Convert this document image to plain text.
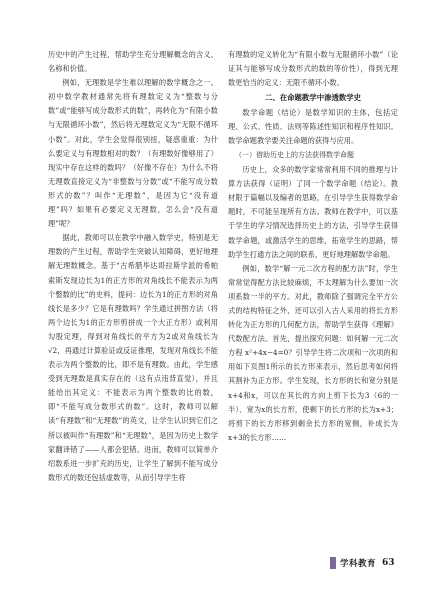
历史中的产生过程，帮助学生充分理解概念的含义、名称和价值。

例如，无理数是学生难以理解的数学概念之一。初中数学教材通常先将有理数定义为“整数与分数”或“能够写成分数形式的数”，再转化为“有限小数与无限循环小数”，然后将无理数定义为“无限不循环小数”。对此，学生会觉得很别扭，疑惑重重：为什么要定义与有理数相对的数？（有理数好像够用了）现实中存在这样的数吗？（好像不存在）为什么不将无理数直接定义为“非整数与分数”或“不能写成分数形式的数”？叫作“无理数”，是因为它“没有道理”吗？如果有必要定义无理数，怎么会“没有道理”呢？

据此，教师可以在教学中融入数学史，特别是无理数的产生过程，帮助学生突破认知障碍，更好地理解无理数概念。基于“古希腊毕达哥拉斯学派的希帕索斯发现边长为1的正方形的对角线长不能表示为两个整数的比”的史料，提问：边长为1的正方形的对角线长是多少？它是有理数吗？学生通过拼图方法（将两个边长为1的正方形剪拼成一个大正方形）或利用勾股定理，得到对角线长的平方为2或对角线长为√2，再通过计算验证或反证推理，发现对角线长不能表示为两个整数的比，即不是有理数。由此，学生感受到无理数是真实存在的（这有点违背直觉），并且能给出其定义：不能表示为两个整数的比的数，即“不能写成分数形式的数”。这时，教师可以解读“有理数”和“无理数”的英文，让学生认识到它们之所以被叫作“有理数”和“无理数”，是因为历史上数学家翻译错了——人都会犯错。进而，教师可以简单介绍数系进一步扩充的历史，让学生了解到不能写成分数形式的数还包括虚数等，从而引导学生将

有理数的定义转化为“有限小数与无限循环小数”（论证其与能够写成分数形式的数的等价性），得到无理数更恰当的定义：无限不循环小数。

二、在命题教学中渗透数学史

数学命题（结论）是数学知识的主体，包括定理、公式、性质、法则等陈述性知识和程序性知识。数学命题教学要关注命题的获得与应用。

（一）借助历史上的方法获得数学命题

历史上，众多的数学家常常利用不同的推理与计算方法获得（证明）了同一个数学命题（结论）。教材限于篇幅以及编者的思路，在引导学生获得数学命题时，不可能呈现所有方法。教师在教学中，可以基于学生的学习情况选择历史上的方法，引导学生获得数学命题，或激活学生的思维，拓宽学生的思路，帮助学生打通方法之间的联系，更好地理解数学命题。

例如，数学“解一元二次方程的配方法”时，学生常常觉得配方法比较麻烦，不太理解为什么要加一次项系数一半的平方。对此，教师除了强调完全平方公式的结构特征之外，还可以引入古人采用的将长方形转化为正方形的几何配方法，帮助学生获得《理解》代数配方法。首先，提出探究问题：如何解一元二次方程 x²+4x−4=0？引导学生将二次项和一次项的和用如下页图1所示的长方形来表示，然后思考如何将其割补为正方形。学生发现，长方形的长和宽分别是x+4和x，可以在其长的方向上剪下长为3（6的一半）、宽为x的长方形，使剩下的长方形的长为x+3；将剪下的长方形移到剩余长方形的宽侧，补成长为x+3的长方形……

学科教育 63
